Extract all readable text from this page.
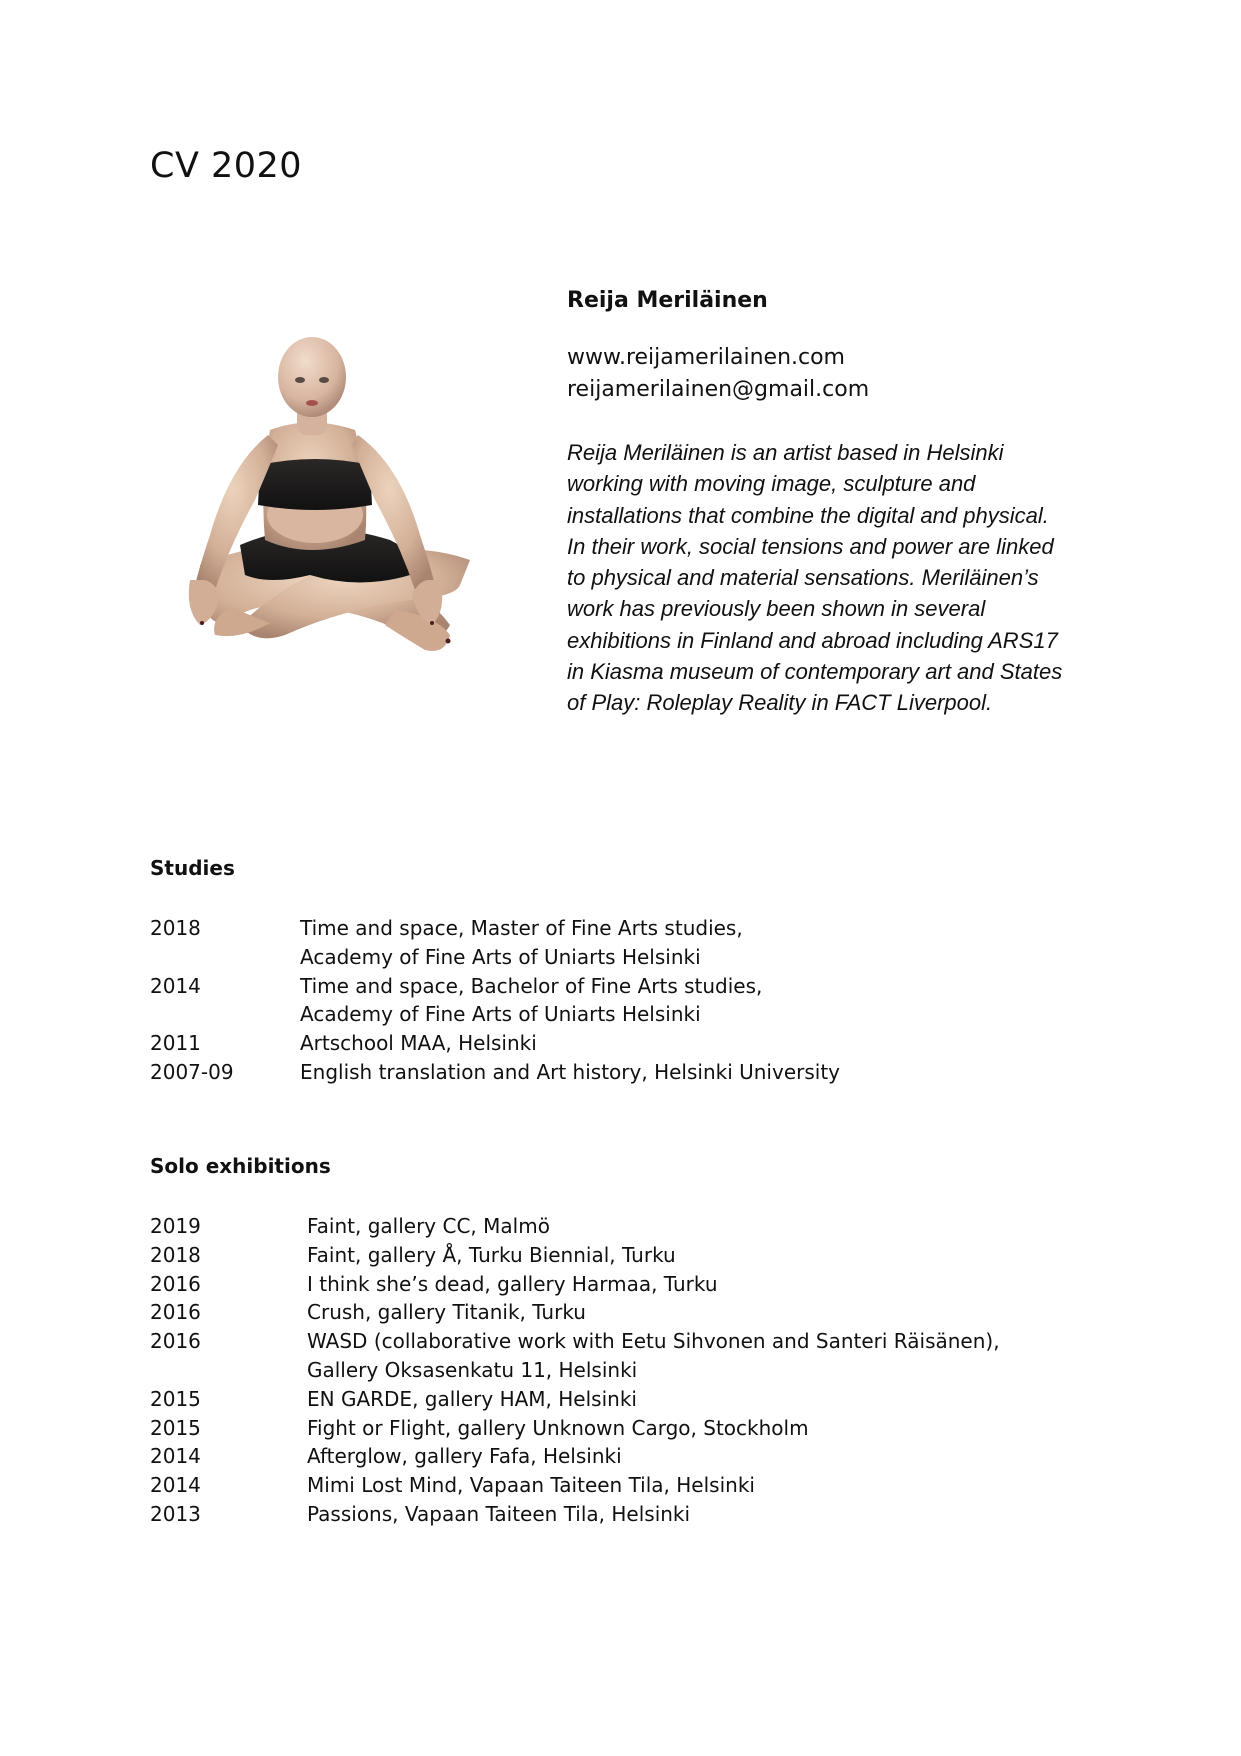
CV 2020
Reija Meriläinen
www.reijamerilainen.com
reijamerilainen@gmail.com
Reija Meriläinen is an artist based in Helsinki
working with moving image, sculpture and
installations that combine the digital and physical.
In their work, social tensions and power are linked
to physical and material sensations. Meriläinen’s
work has previously been shown in several
exhibitions in Finland and abroad including ARS17
in Kiasma museum of contemporary art and States
of Play: Roleplay Reality in FACT Liverpool.
Studies
2018	Time and space, Master of Fine Arts studies,
Academy of Fine Arts of Uniarts Helsinki
2014	Time and space, Bachelor of Fine Arts studies,
Academy of Fine Arts of Uniarts Helsinki
2011	Artschool MAA, Helsinki
2007-09	English translation and Art history, Helsinki University
Solo exhibitions
2019	Faint, gallery CC, Malmö
2018	Faint, gallery Å, Turku Biennial, Turku
2016	I think she’s dead, gallery Harmaa, Turku
2016	Crush, gallery Titanik, Turku
2016	WASD (collaborative work with Eetu Sihvonen and Santeri Räisänen),
Gallery Oksasenkatu 11, Helsinki
2015	EN GARDE, gallery HAM, Helsinki
2015	Fight or Flight, gallery Unknown Cargo, Stockholm
2014	Afterglow, gallery Fafa, Helsinki
2014	Mimi Lost Mind, Vapaan Taiteen Tila, Helsinki
2013	Passions, Vapaan Taiteen Tila, Helsinki
